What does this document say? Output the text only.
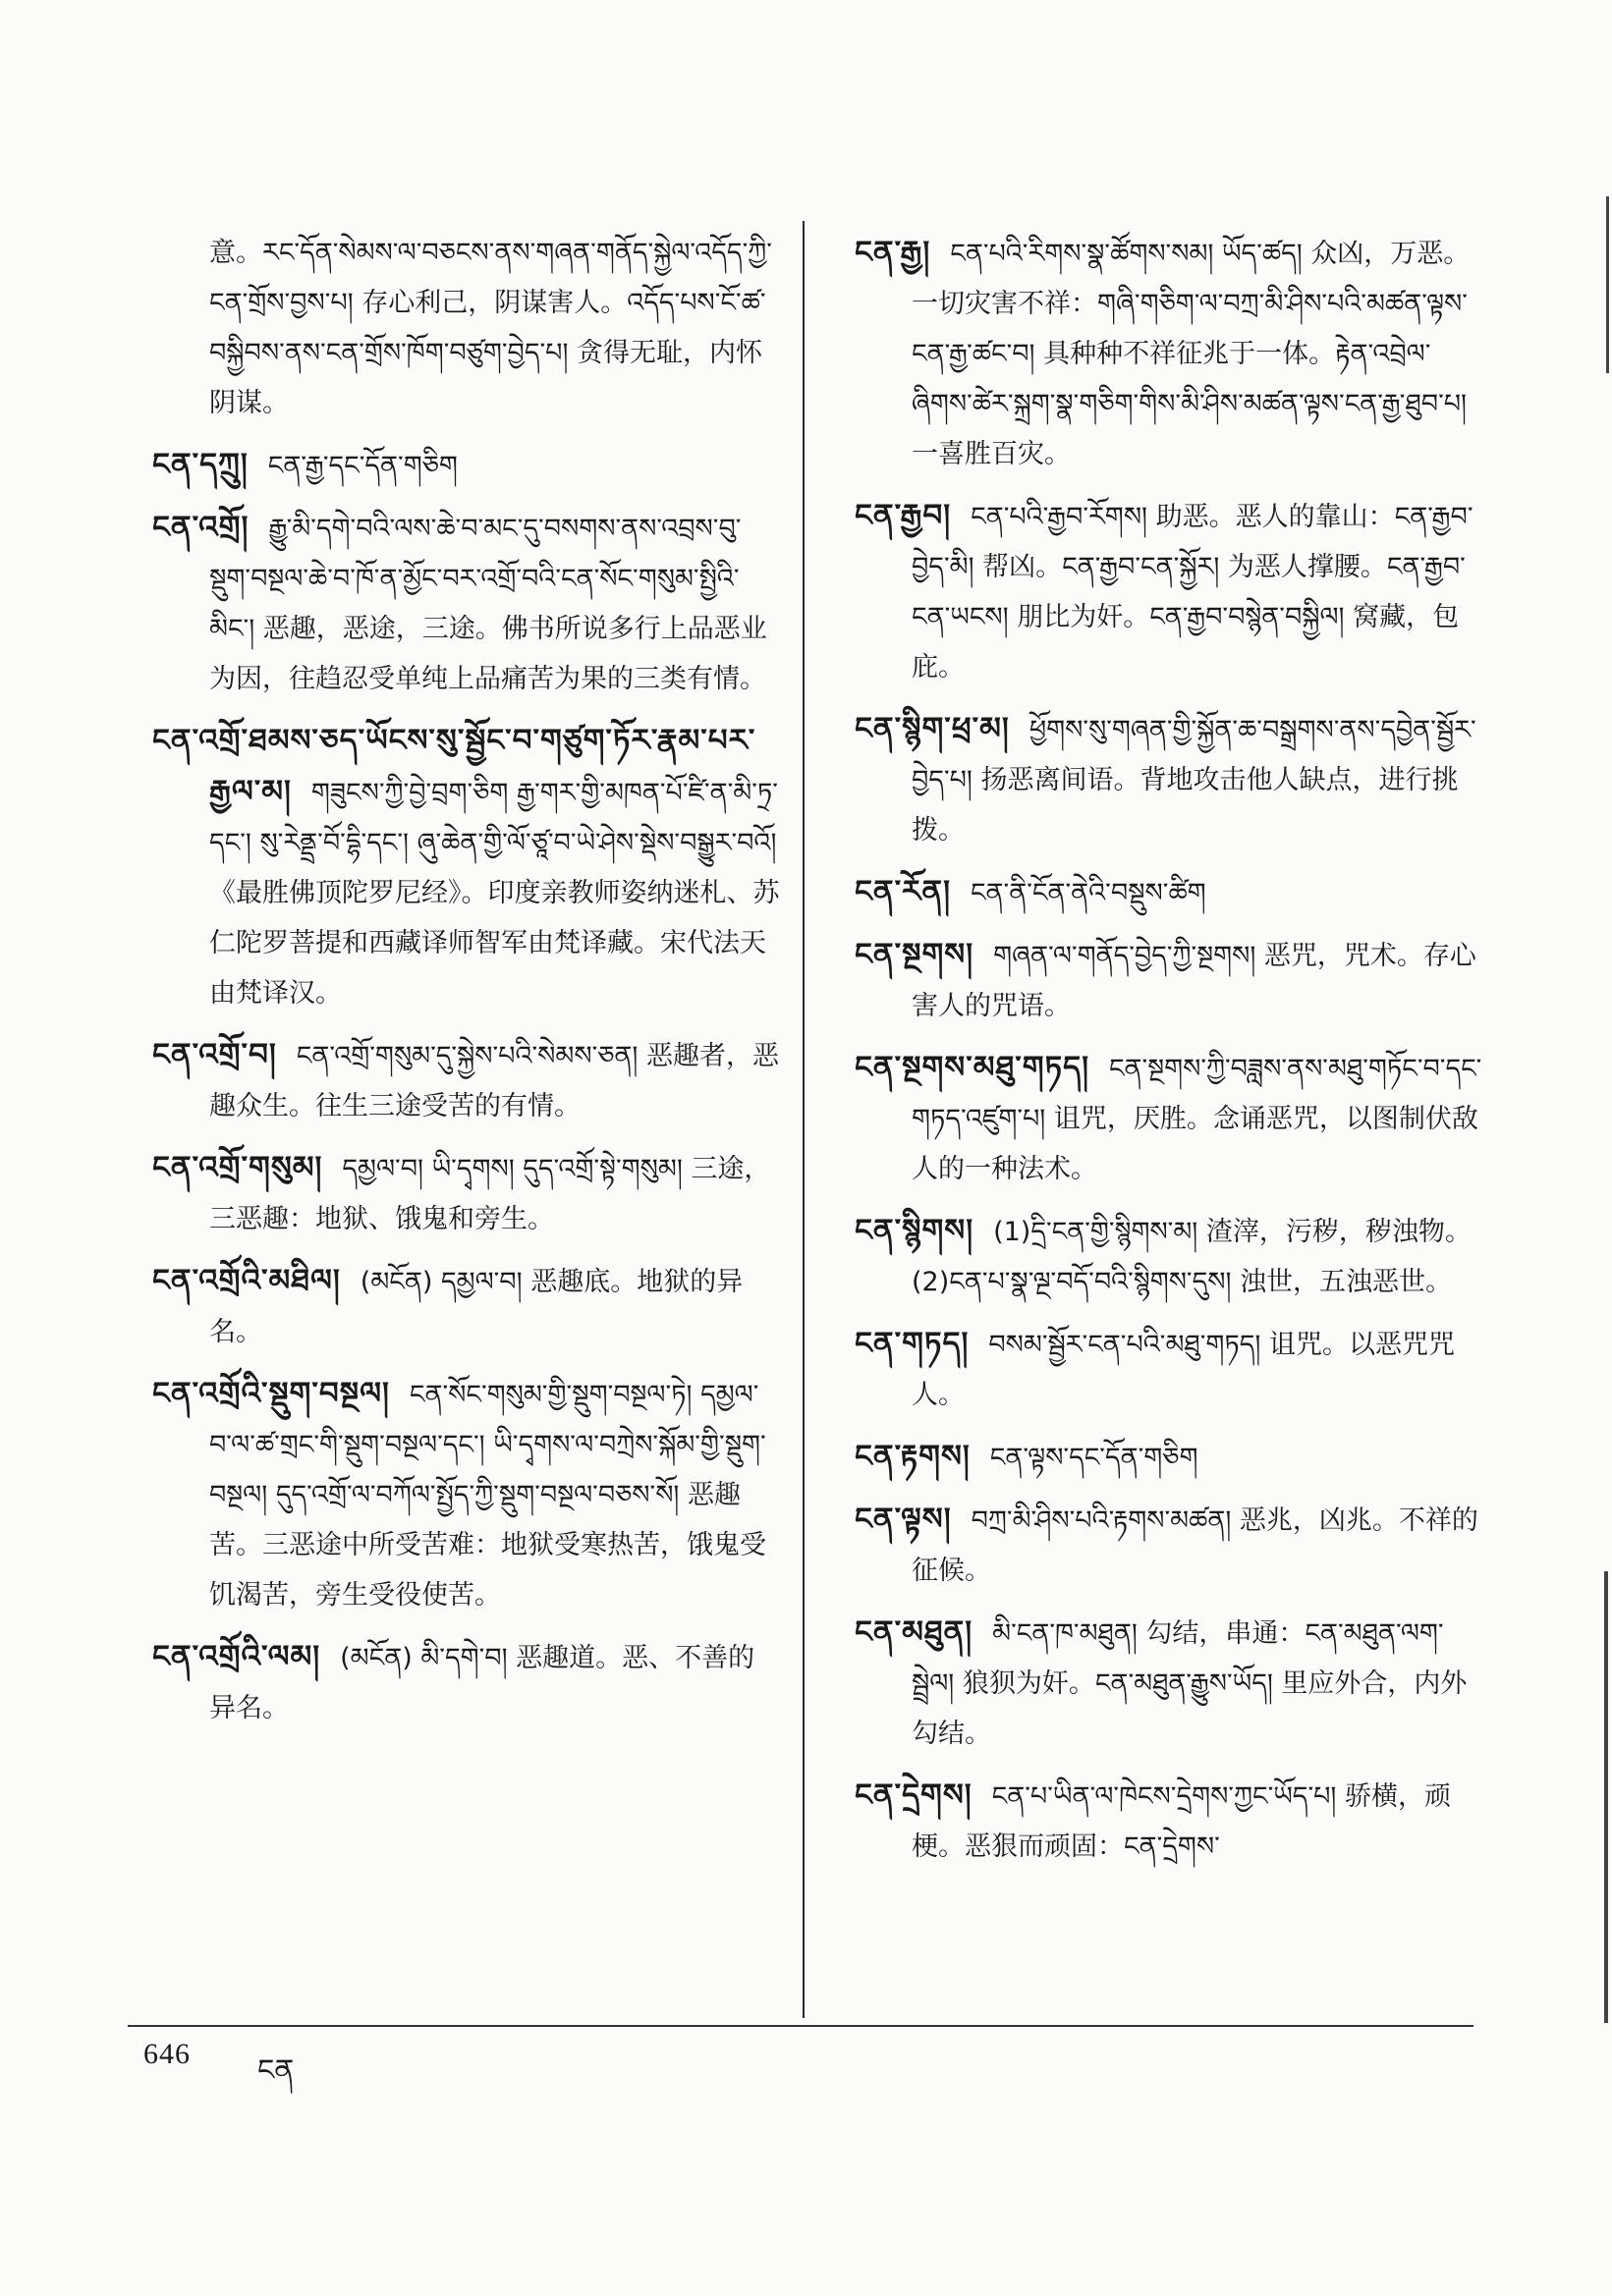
意。རང་དོན་སེམས་ལ་བཅངས་ནས་གཞན་གནོད་སྐྱེལ་འདོད་ཀྱི་ངན་གྲོས་བྱས་པ། 存心利己，阴谋害人。འདོད་པས་ངོ་ཚ་བསྐྱིབས་ནས་ངན་གྲོས་ཁོག་བཙུག་བྱེད་པ། 贪得无耻，内怀阴谋。
ངན་དཀྲུ། ངན་རྒྱ་དང་དོན་གཅིག
ངན་འགྲོ། རྒྱུ་མི་དགེ་བའི་ལས་ཆེ་བ་མང་དུ་བསགས་ནས་འབྲས་བུ་སྡུག་བསྔལ་ཆེ་བ་ཁོ་ན་མྱོང་བར་འགྲོ་བའི་ངན་སོང་གསུམ་སྤྱིའི་མིང་། 恶趣，恶途，三途。佛书所说多行上品恶业为因，往趋忍受单纯上品痛苦为果的三类有情。
ངན་འགྲོ་ཐམས་ཅད་ཡོངས་སུ་སྦྱོང་བ་གཙུག་ཏོར་རྣམ་པར་རྒྱལ་མ། གཟུངས་ཀྱི་བྱེ་བྲག་ཅིག རྒྱ་གར་གྱི་མཁན་པོ་ཛི་ན་མི་ཏྲ་དང་། སུ་རེནྡྲ་བོ་དྷི་དང་། ཞུ་ཆེན་གྱི་ལོ་ཙཱ་བ་ཡེ་ཤེས་སྡེས་བསྒྱུར་བའོ། 《最胜佛顶陀罗尼经》。印度亲教师姿纳迷札、苏仁陀罗菩提和西藏译师智军由梵译藏。宋代法天由梵译汉。
ངན་འགྲོ་བ། ངན་འགྲོ་གསུམ་དུ་སྐྱེས་པའི་སེམས་ཅན། 恶趣者，恶趣众生。往生三途受苦的有情。
ངན་འགྲོ་གསུམ། དམྱལ་བ། ཡི་དྭགས། དུད་འགྲོ་སྟེ་གསུམ། 三途，三恶趣：地狱、饿鬼和旁生。
ངན་འགྲོའི་མཐིལ། (མངོན) དམྱལ་བ། 恶趣底。地狱的异名。
ངན་འགྲོའི་སྡུག་བསྔལ། ངན་སོང་གསུམ་གྱི་སྡུག་བསྔལ་ཏེ། དམྱལ་བ་ལ་ཚ་གྲང་གི་སྡུག་བསྔལ་དང་། ཡི་དྭགས་ལ་བཀྲེས་སྐོམ་གྱི་སྡུག་བསྔལ། དུད་འགྲོ་ལ་བཀོལ་སྤྱོད་ཀྱི་སྡུག་བསྔལ་བཅས་སོ། 恶趣苦。三恶途中所受苦难：地狱受寒热苦，饿鬼受饥渴苦，旁生受役使苦。
ངན་འགྲོའི་ལམ། (མངོན) མི་དགེ་བ། 恶趣道。恶、不善的异名。
ངན་རྒྱ། ངན་པའི་རིགས་སྣ་ཚོགས་སམ། ཡོད་ཚད། 众凶，万恶。一切灾害不祥：གཞི་གཅིག་ལ་བཀྲ་མི་ཤིས་པའི་མཚན་ལྟས་ངན་རྒྱ་ཚང་བ། 具种种不祥征兆于一体。རྟེན་འབྲེལ་ཞིགས་ཚེར་སྐྲག་སྣ་གཅིག་གིས་མི་ཤིས་མཚན་ལྟས་ངན་རྒྱ་ཐུབ་པ། 一喜胜百灾。
ངན་རྒྱབ། ངན་པའི་རྒྱབ་རོགས། 助恶。恶人的靠山：ངན་རྒྱབ་བྱེད་མི། 帮凶。ངན་རྒྱབ་ངན་སྐྱོར། 为恶人撑腰。ངན་རྒྱབ་ངན་ཡངས། 朋比为奸。ངན་རྒྱབ་བསྙེན་བསྐྱིལ། 窝藏，包庇。
ངན་སྙིག་ཕྲ་མ། ཕྱོགས་སུ་གཞན་གྱི་སྐྱོན་ཆ་བསྒྲགས་ནས་དབྱེན་སྦྱོར་བྱེད་པ། 扬恶离间语。背地攻击他人缺点，进行挑拨。
ངན་རོན། ངན་ནི་ངོན་ནེའི་བསྡུས་ཚིག
ངན་སྔགས། གཞན་ལ་གནོད་བྱེད་ཀྱི་སྔགས། 恶咒，咒术。存心害人的咒语。
ངན་སྔགས་མཐུ་གཏད། ངན་སྔགས་ཀྱི་བཟླས་ནས་མཐུ་གཏོང་བ་དང་གཏད་འཛུག་པ། 诅咒，厌胜。念诵恶咒，以图制伏敌人的一种法术。
ངན་སྙིགས། (1)དྲི་ངན་གྱི་སྙིགས་མ། 渣滓，污秽，秽浊物。(2)ངན་པ་སྣ་ལྔ་བདོ་བའི་སྙིགས་དུས། 浊世，五浊恶世。
ངན་གཏད། བསམ་སྦྱོར་ངན་པའི་མཐུ་གཏད། 诅咒。以恶咒咒人。
ངན་རྟགས། ངན་ལྟས་དང་དོན་གཅིག
ངན་ལྟས། བཀྲ་མི་ཤིས་པའི་རྟགས་མཚན། 恶兆，凶兆。不祥的征候。
ངན་མཐུན། མི་ངན་ཁ་མཐུན། 勾结，串通：ངན་མཐུན་ལག་སྦྲེལ། 狼狈为奸。ངན་མཐུན་རྒྱུས་ཡོད། 里应外合，内外勾结。
ངན་དྲེགས། ངན་པ་ཡིན་ལ་ཁེངས་དྲེགས་ཀྱང་ཡོད་པ། 骄横，顽梗。恶狠而顽固：ངན་དྲེགས་
646 ངན
